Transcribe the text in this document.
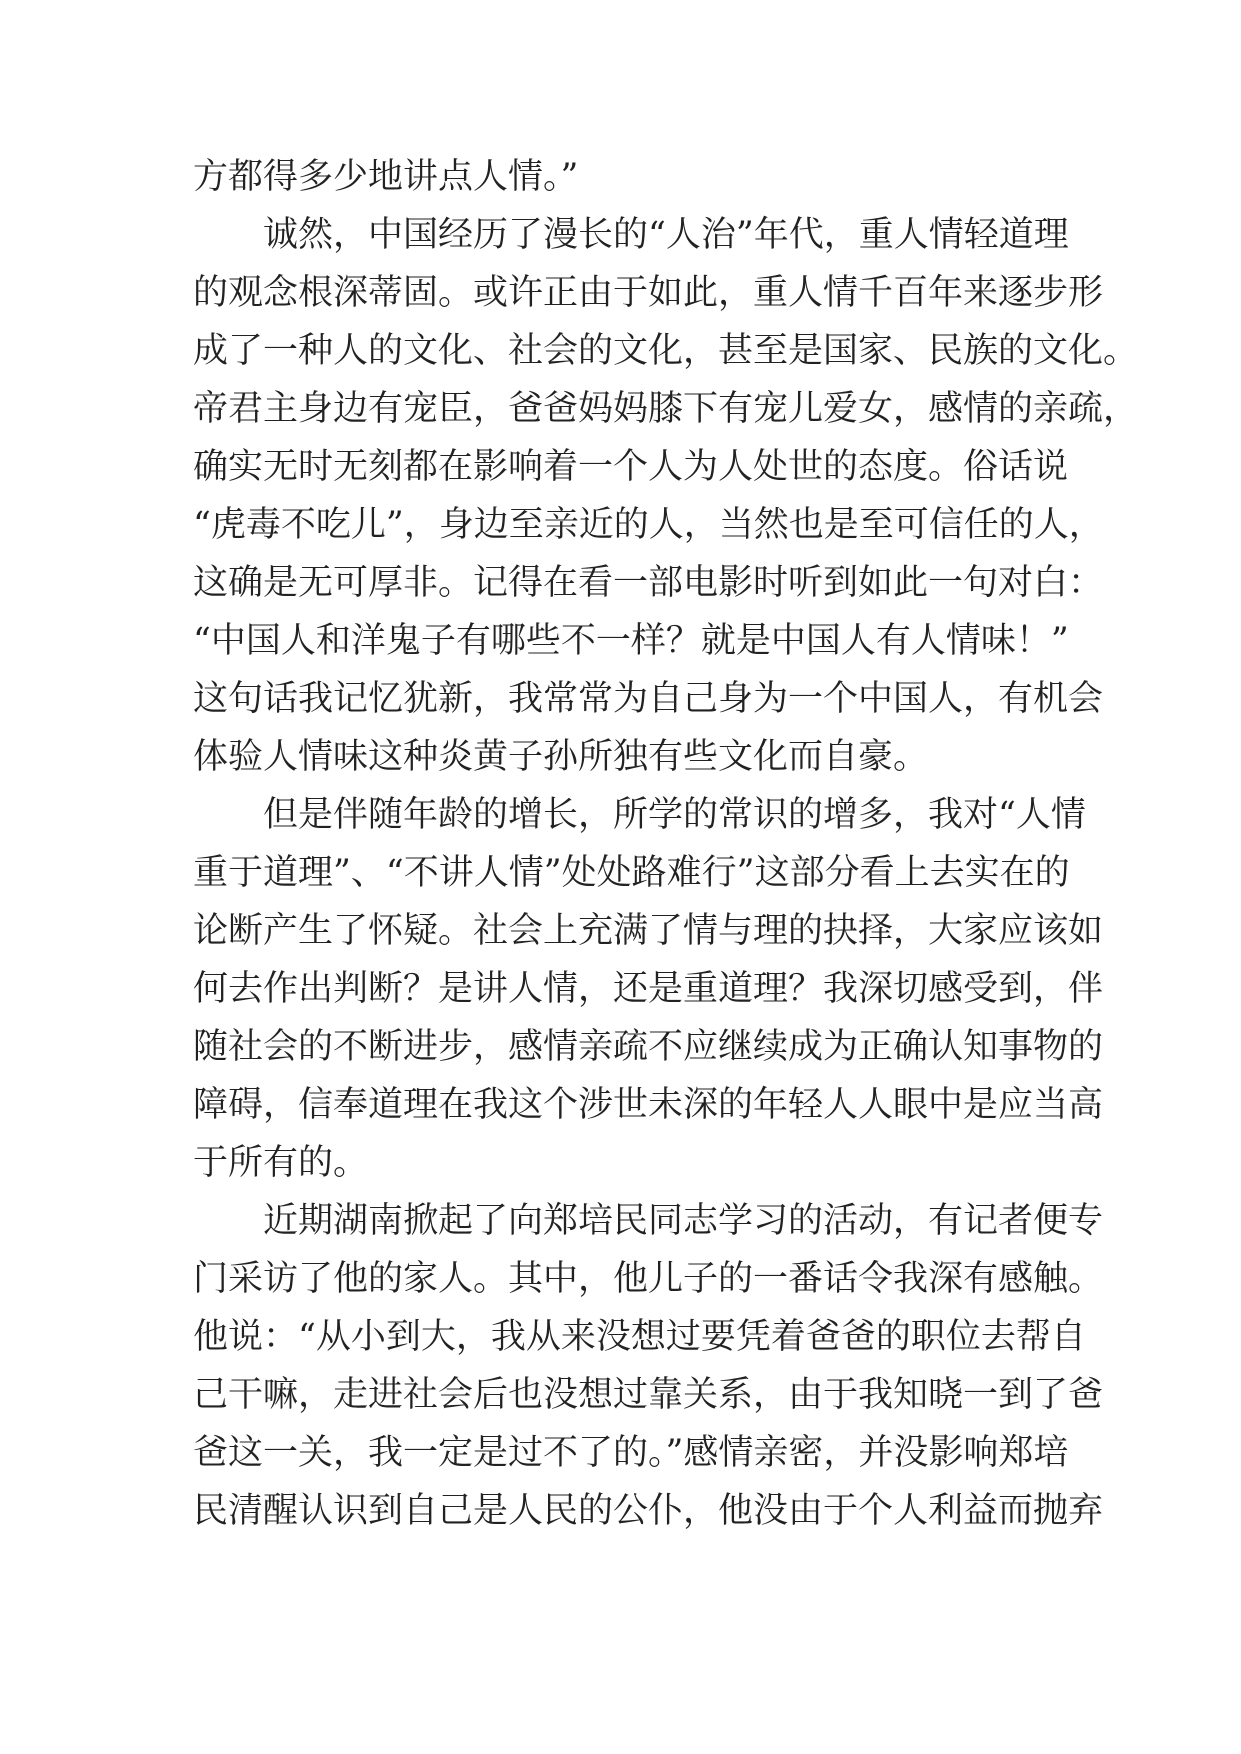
方都得多少地讲点人情。”
诚然，中国经历了漫长的“人治”年代，重人情轻道理
的观念根深蒂固。或许正由于如此，重人情千百年来逐步形
成了一种人的文化、社会的文化，甚至是国家、民族的文化。
帝君主身边有宠臣，爸爸妈妈膝下有宠儿爱女，感情的亲疏，
确实无时无刻都在影响着一个人为人处世的态度。俗话说
“虎毒不吃儿”，身边至亲近的人，当然也是至可信任的人，
这确是无可厚非。记得在看一部电影时听到如此一句对白：
“中国人和洋鬼子有哪些不一样？就是中国人有人情味！”
这句话我记忆犹新，我常常为自己身为一个中国人，有机会
体验人情味这种炎黄子孙所独有些文化而自豪。
但是伴随年龄的增长，所学的常识的增多，我对“人情
重于道理”、“不讲人情”处处路难行”这部分看上去实在的
论断产生了怀疑。社会上充满了情与理的抉择，大家应该如
何去作出判断？是讲人情，还是重道理？我深切感受到，伴
随社会的不断进步，感情亲疏不应继续成为正确认知事物的
障碍，信奉道理在我这个涉世未深的年轻人人眼中是应当高
于所有的。
近期湖南掀起了向郑培民同志学习的活动，有记者便专
门采访了他的家人。其中，他儿子的一番话令我深有感触。
他说：“从小到大，我从来没想过要凭着爸爸的职位去帮自
己干嘛，走进社会后也没想过靠关系，由于我知晓一到了爸
爸这一关，我一定是过不了的。”感情亲密，并没影响郑培
民清醒认识到自己是人民的公仆，他没由于个人利益而抛弃
